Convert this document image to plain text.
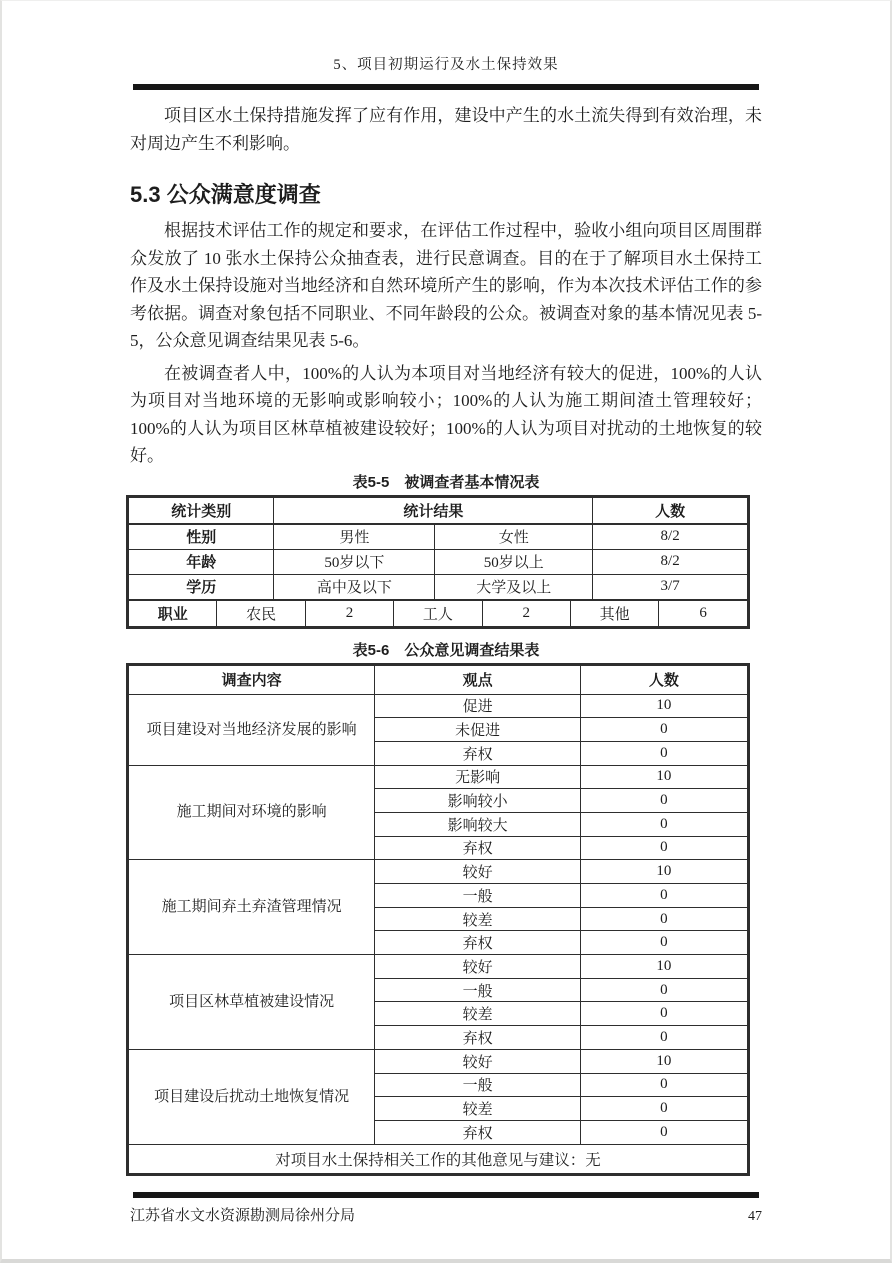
5、项目初期运行及水土保持效果

项目区水土保持措施发挥了应有作用，建设中产生的水土流失得到有效治理，未对周边产生不利影响。

5.3 公众满意度调查

根据技术评估工作的规定和要求，在评估工作过程中，验收小组向项目区周围群众发放了 10 张水土保持公众抽查表，进行民意调查。目的在于了解项目水土保持工作及水土保持设施对当地经济和自然环境所产生的影响，作为本次技术评估工作的参考依据。调查对象包括不同职业、不同年龄段的公众。被调查对象的基本情况见表 5-5，公众意见调查结果见表 5-6。

在被调查者人中，100%的人认为本项目对当地经济有较大的促进，100%的人认为项目对当地环境的无影响或影响较小；100%的人认为施工期间渣土管理较好；100%的人认为项目区林草植被建设较好；100%的人认为项目对扰动的土地恢复的较好。

表5-5　被调查者基本情况表
统计类别	统计结果	人数
性别	男性	女性	8/2
年龄	50岁以下	50岁以上	8/2
学历	高中及以下	大学及以上	3/7
职业	农民	2	工人	2	其他	6
表5-6　公众意见调查结果表
调查内容	观点	人数
项目建设对当地经济发展的影响	促进	10
	未促进	0
	弃权	0
施工期间对环境的影响	无影响	10
	影响较小	0
	影响较大	0
	弃权	0
施工期间弃土弃渣管理情况	较好	10
	一般	0
	较差	0
	弃权	0
项目区林草植被建设情况	较好	10
	一般	0
	较差	0
	弃权	0
项目建设后扰动土地恢复情况	较好	10
	一般	0
	较差	0
	弃权	0
对项目水土保持相关工作的其他意见与建议：无		
江苏省水文水资源勘测局徐州分局	47
